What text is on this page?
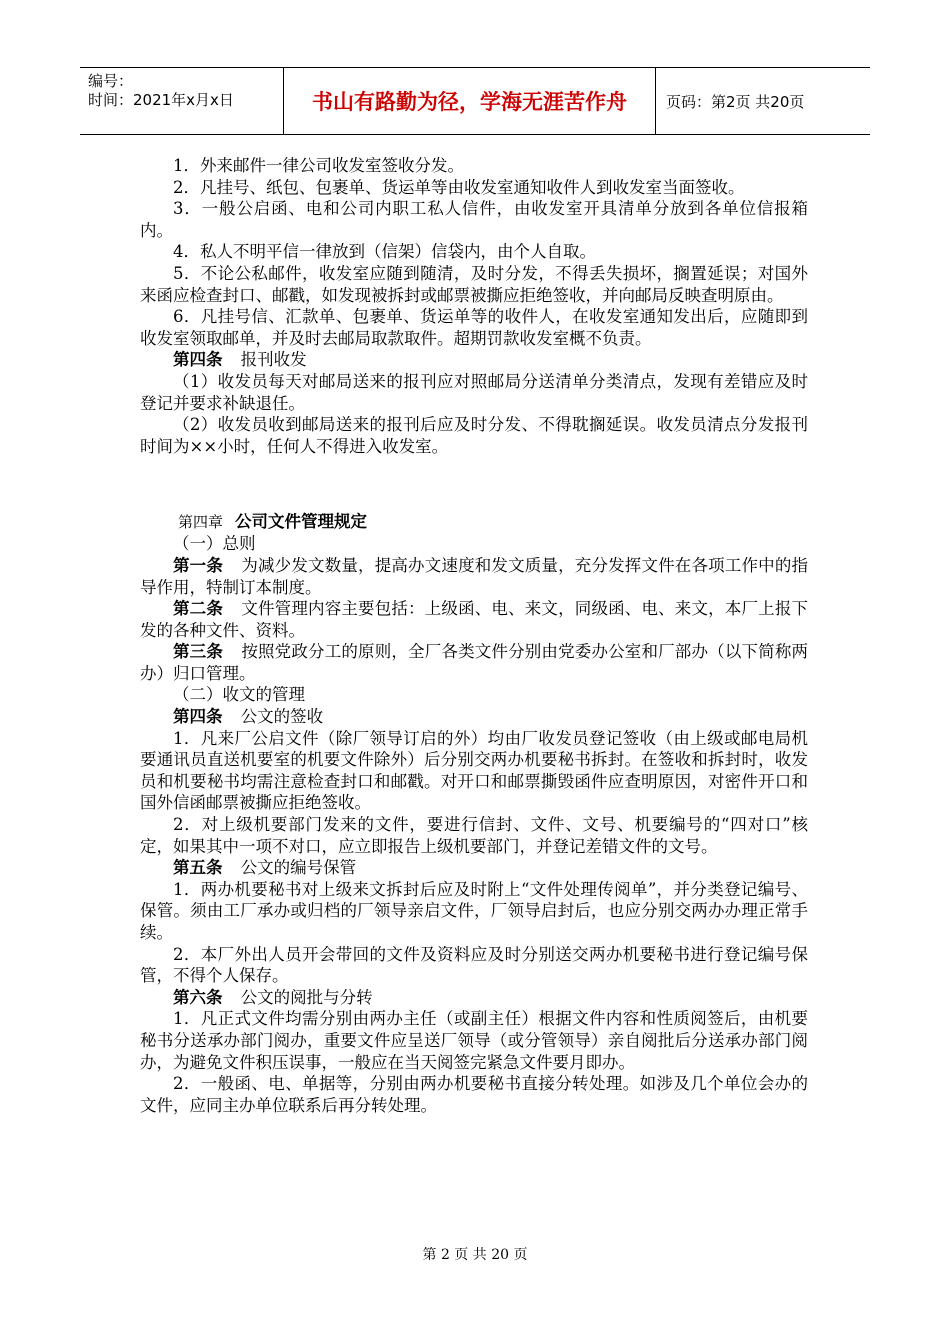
编号：
时间：2021年x月x日	书山有路勤为径，学海无涯苦作舟	页码：第2页 共20页

1．外来邮件一律公司收发室签收分发。

2．凡挂号、纸包、包裹单、货运单等由收发室通知收件人到收发室当面签收。

3．一般公启函、电和公司内职工私人信件，由收发室开具清单分放到各单位信报箱内。

4．私人不明平信一律放到（信架）信袋内，由个人自取。

5．不论公私邮件，收发室应随到随清，及时分发，不得丢失损坏，搁置延误；对国外来函应检查封口、邮戳，如发现被拆封或邮票被撕应拒绝签收，并向邮局反映查明原由。

6．凡挂号信、汇款单、包裹单、货运单等的收件人，在收发室通知发出后，应随即到收发室领取邮单，并及时去邮局取款取件。超期罚款收发室概不负责。

第四条 报刊收发

（1）收发员每天对邮局送来的报刊应对照邮局分送清单分类清点，发现有差错应及时登记并要求补缺退任。

（2）收发员收到邮局送来的报刊后应及时分发、不得耽搁延误。收发员清点分发报刊时间为××小时，任何人不得进入收发室。

第四章 公司文件管理规定

（一）总则

第一条 为减少发文数量，提高办文速度和发文质量，充分发挥文件在各项工作中的指导作用，特制订本制度。

第二条 文件管理内容主要包括：上级函、电、来文，同级函、电、来文，本厂上报下发的各种文件、资料。

第三条 按照党政分工的原则，全厂各类文件分别由党委办公室和厂部办（以下简称两办）归口管理。

（二）收文的管理

第四条 公文的签收

1．凡来厂公启文件（除厂领导订启的外）均由厂收发员登记签收（由上级或邮电局机要通讯员直送机要室的机要文件除外）后分别交两办机要秘书拆封。在签收和拆封时，收发员和机要秘书均需注意检查封口和邮戳。对开口和邮票撕毁函件应查明原因，对密件开口和国外信函邮票被撕应拒绝签收。

2．对上级机要部门发来的文件，要进行信封、文件、文号、机要编号的“四对口”核定，如果其中一项不对口，应立即报告上级机要部门，并登记差错文件的文号。

第五条 公文的编号保管

1．两办机要秘书对上级来文拆封后应及时附上“文件处理传阅单”，并分类登记编号、保管。须由工厂承办或归档的厂领导亲启文件，厂领导启封后，也应分别交两办办理正常手续。

2．本厂外出人员开会带回的文件及资料应及时分别送交两办机要秘书进行登记编号保管，不得个人保存。

第六条 公文的阅批与分转

1．凡正式文件均需分别由两办主任（或副主任）根据文件内容和性质阅签后，由机要秘书分送承办部门阅办，重要文件应呈送厂领导（或分管领导）亲自阅批后分送承办部门阅办，为避免文件积压误事，一般应在当天阅签完紧急文件要月即办。

2．一般函、电、单据等，分别由两办机要秘书直接分转处理。如涉及几个单位会办的文件，应同主办单位联系后再分转处理。

第 2 页 共 20 页
